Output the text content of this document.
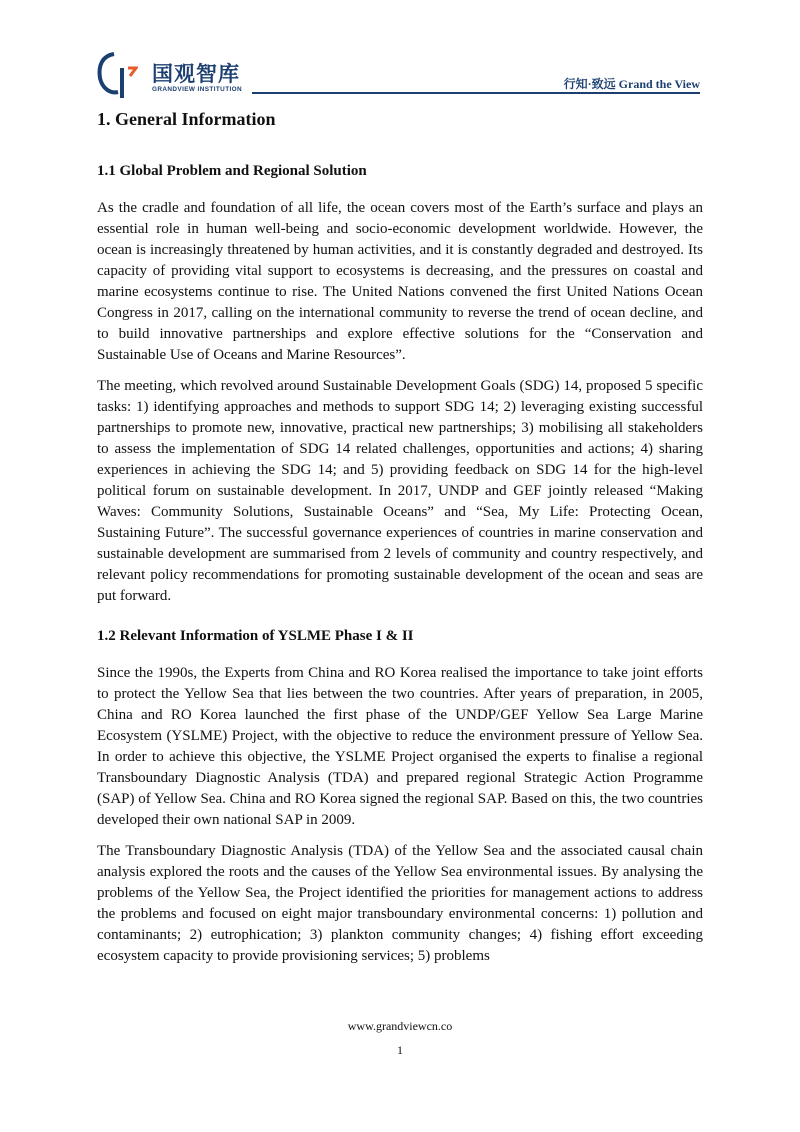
国观智库
GRANDVIEW INSTITUTION	行知·致远 Grand the View
1. General Information
1.1 Global Problem and Regional Solution

As the cradle and foundation of all life, the ocean covers most of the Earth’s surface and plays an essential role in human well-being and socio-economic development worldwide. However, the ocean is increasingly threatened by human activities, and it is constantly degraded and destroyed. Its capacity of providing vital support to ecosystems is decreasing, and the pressures on coastal and marine ecosystems continue to rise. The United Nations convened the first United Nations Ocean Congress in 2017, calling on the international community to reverse the trend of ocean decline, and to build innovative partnerships and explore effective solutions for the “Conservation and Sustainable Use of Oceans and Marine Resources”.

The meeting, which revolved around Sustainable Development Goals (SDG) 14, proposed 5 specific tasks: 1) identifying approaches and methods to support SDG 14; 2) leveraging existing successful partnerships to promote new, innovative, practical new partnerships; 3) mobilising all stakeholders to assess the implementation of SDG 14 related challenges, opportunities and actions; 4) sharing experiences in achieving the SDG 14; and 5) providing feedback on SDG 14 for the high-level political forum on sustainable development. In 2017, UNDP and GEF jointly released “Making Waves: Community Solutions, Sustainable Oceans” and “Sea, My Life: Protecting Ocean, Sustaining Future”. The successful governance experiences of countries in marine conservation and sustainable development are summarised from 2 levels of community and country respectively, and relevant policy recommendations for promoting sustainable development of the ocean and seas are put forward.

1.2 Relevant Information of YSLME Phase I & II

Since the 1990s, the Experts from China and RO Korea realised the importance to take joint efforts to protect the Yellow Sea that lies between the two countries. After years of preparation, in 2005, China and RO Korea launched the first phase of the UNDP/GEF Yellow Sea Large Marine Ecosystem (YSLME) Project, with the objective to reduce the environment pressure of Yellow Sea. In order to achieve this objective, the YSLME Project organised the experts to finalise a regional Transboundary Diagnostic Analysis (TDA) and prepared regional Strategic Action Programme (SAP) of Yellow Sea. China and RO Korea signed the regional SAP. Based on this, the two countries developed their own national SAP in 2009.

The Transboundary Diagnostic Analysis (TDA) of the Yellow Sea and the associated causal chain analysis explored the roots and the causes of the Yellow Sea environmental issues. By analysing the problems of the Yellow Sea, the Project identified the priorities for management actions to address the problems and focused on eight major transboundary environmental concerns: 1) pollution and contaminants; 2) eutrophication; 3) plankton community changes; 4) fishing effort exceeding ecosystem capacity to provide provisioning services; 5) problems

www.grandviewcn.co
1
